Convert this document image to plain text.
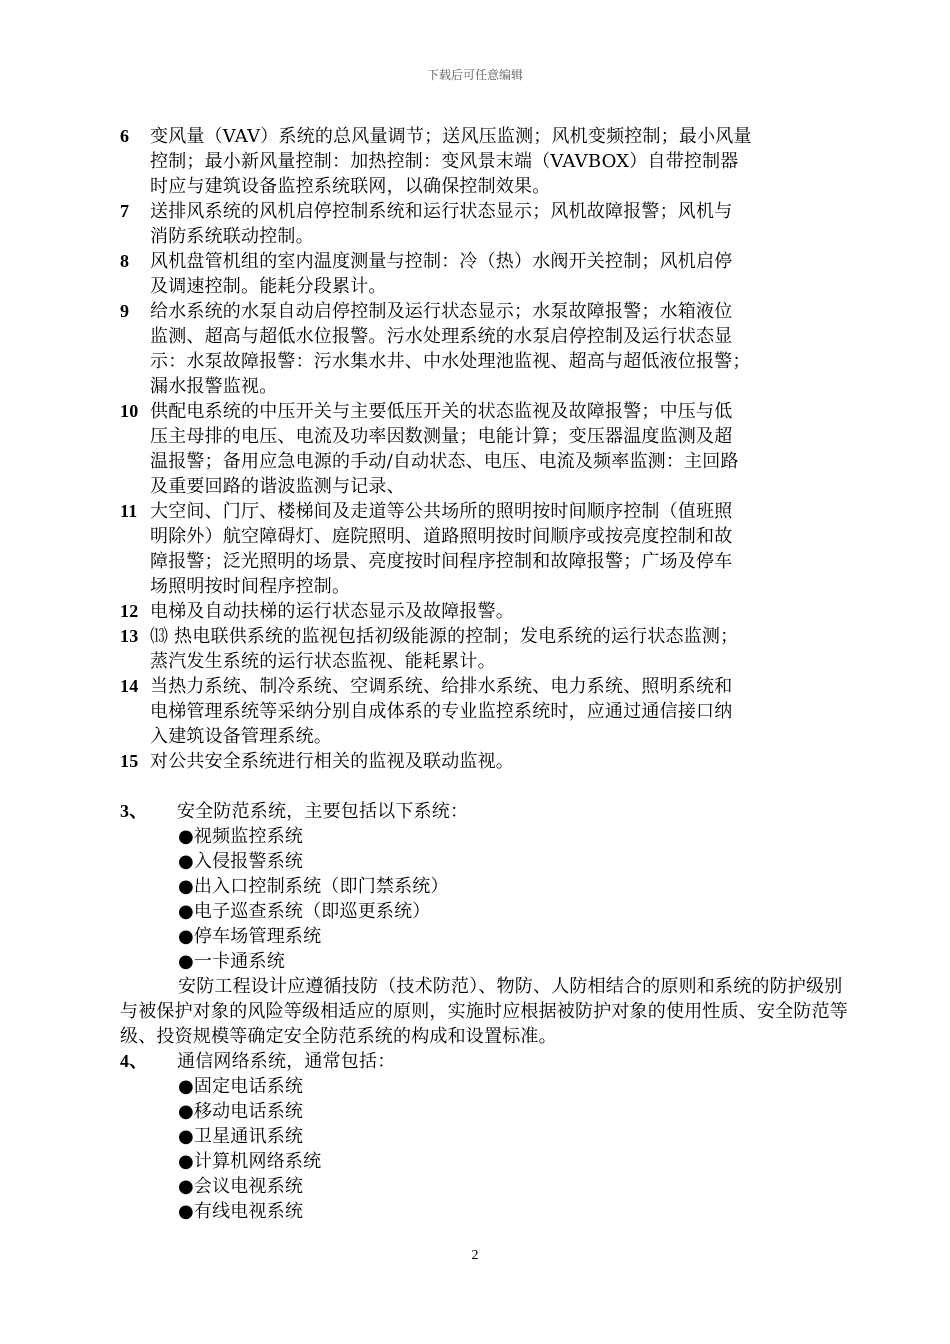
下载后可任意编辑
6 变风量（VAV）系统的总风量调节；送风压监测；风机变频控制；最小风量
控制；最小新风量控制：加热控制：变风景末端（VAVBOX）自带控制器
时应与建筑设备监控系统联网，以确保控制效果。
7 送排风系统的风机启停控制系统和运行状态显示；风机故障报警；风机与
消防系统联动控制。
8 风机盘管机组的室内温度测量与控制：冷（热）水阀开关控制；风机启停
及调速控制。能耗分段累计。
9 给水系统的水泵自动启停控制及运行状态显示；水泵故障报警；水箱液位
监测、超高与超低水位报警。污水处理系统的水泵启停控制及运行状态显
示：水泵故障报警：污水集水井、中水处理池监视、超高与超低液位报警；
漏水报警监视。
10 供配电系统的中压开关与主要低压开关的状态监视及故障报警；中压与低
压主母排的电压、电流及功率因数测量；电能计算；变压器温度监测及超
温报警；备用应急电源的手动/自动状态、电压、电流及频率监测：主回路
及重要回路的谐波监测与记录、
11 大空间、门厅、楼梯间及走道等公共场所的照明按时间顺序控制（值班照
明除外）航空障碍灯、庭院照明、道路照明按时间顺序或按亮度控制和故
障报警；泛光照明的场景、亮度按时间程序控制和故障报警；广场及停车
场照明按时间程序控制。
12 电梯及自动扶梯的运行状态显示及故障报警。
13 ⒀ 热电联供系统的监视包括初级能源的控制；发电系统的运行状态监测；
蒸汽发生系统的运行状态监视、能耗累计。
14 当热力系统、制冷系统、空调系统、给排水系统、电力系统、照明系统和
电梯管理系统等采纳分别自成体系的专业监控系统时，应通过通信接口纳
入建筑设备管理系统。
15 对公共安全系统进行相关的监视及联动监视。
3、 安全防范系统，主要包括以下系统：
●视频监控系统
●入侵报警系统
●出入口控制系统（即门禁系统）
●电子巡查系统（即巡更系统）
●停车场管理系统
●一卡通系统
安防工程设计应遵循技防（技术防范）、物防、人防相结合的原则和系统的防护级别与被保护对象的风险等级相适应的原则，实施时应根据被防护对象的使用性质、安全防范等级、投资规模等确定安全防范系统的构成和设置标准。
4、 通信网络系统，通常包括：
●固定电话系统
●移动电话系统
●卫星通讯系统
●计算机网络系统
●会议电视系统
●有线电视系统
2
